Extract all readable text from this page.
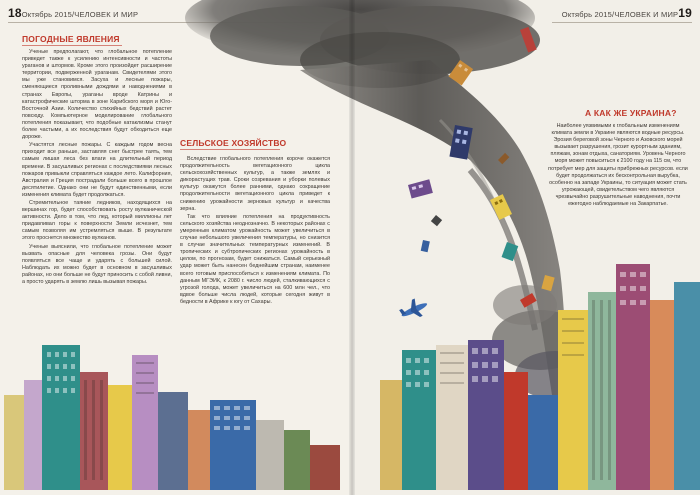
18Октябрь 2015/ЧЕЛОВЕК И МИР	Октябрь 2015/ЧЕЛОВЕК И МИР19
ПОГОДНЫЕ ЯВЛЕНИЯ

Ученые предполагают, что глобальное потепление приведет также к усилению интенсивности и частоты ураганов и штормов. Кроме этого произойдет расширение территории, подверженной ураганам. Свидетелями этого мы уже становимся. Засуха и лесные пожары, сменяющиеся проливными дождями и наводнениями в странах Европы, ураганы вроде Катрины и катастрофические шторма в зоне Карибского моря и Юго-Восточной Азии. Количество стихийных бедствий растет повсюду. Компьютерное моделирование глобального потепления показывает, что подобные катаклизмы станут более частыми, а их последствия будут обходиться еще дороже.

Участятся лесные пожары. С каждым годом весна приходит все раньше, заставляя снег быстрее таять, тем самым лишая леса без влаги на длительный период времени. В засушливых регионах с последствиями лесных пожаров привыкли справляться каждое лето. Калифорния, Австралия и Греция пострадали больше всего в прошлое десятилетие. Однако они не будут единственными, если изменения климата будет продолжаться.

Стремительное таяние ледников, находящихся на вершинах гор, будет способствовать росту вулканической активности. Дело в том, что лед, который миллионы лет придавливал горы к поверхности Земли исчезнет, тем самым позволяя им устремляться выше. В результате этого проснется множество вулканов.

Ученые выяснили, что глобальное потепление может вызвать опасные для человека грозы. Они будут появляться все чаще и ударять с большей силой. Наблюдать их можно будет в основном в засушливых районах, но они больше не будут приносить с собой ливни, а просто ударять в землю лишь вызывая пожары.

СЕЛЬСКОЕ ХОЗЯЙСТВО

Вследствие глобального потепления короче окажется продолжительность вегетационного цикла сельскохозяйственных культур, а также землях и дикорастущих трав. Сроки созревания и уборки полевых культур окажутся более ранними, однако сокращение продолжительности вегетационного цикла приведет к снижению урожайности зерновых культур и качества зерна.

Так что влияние потепления на продуктивность сельского хозяйства неоднозначно. В некоторых районах с умеренным климатом урожайность может увеличиться в случае небольшого увеличения температуры, но снизится в случае значительных температурных изменений. В тропических и субтропических регионах урожайность в целом, по прогнозам, будет снижаться. Самый серьезный удар может быть нанесен беднейшим странам, наименее всего готовым приспособиться к изменениям климата. По данным МГЭИК, к 2080 г. число людей, сталкивающихся с угрозой голода, может увеличиться на 600 млн чел., что вдвое больше числа людей, которые сегодня живут в бедности в Африке к югу от Сахары.

А КАК ЖЕ УКРАИНА?

Наиболее уязвимыми к глобальным изменениям климата земли в Украине являются водные ресурсы. Эрозия береговой зоны Черного и Азовского морей вызывает разрушения, грозит курортным зданиям, пляжам, зонам отдыха, санаториям. Уровень Черного моря может повыситься к 2100 году на 115 см, что потребует мер для защиты прибрежных ресурсов. если будет продолжаться их бесконтрольная вырубка, особенно на западе Украины, то ситуация может стать угрожающей, свидетельством чего являются чрезвычайно разрушительные наводнения, почти ежегодно наблюдаемые на Закарпатье.
